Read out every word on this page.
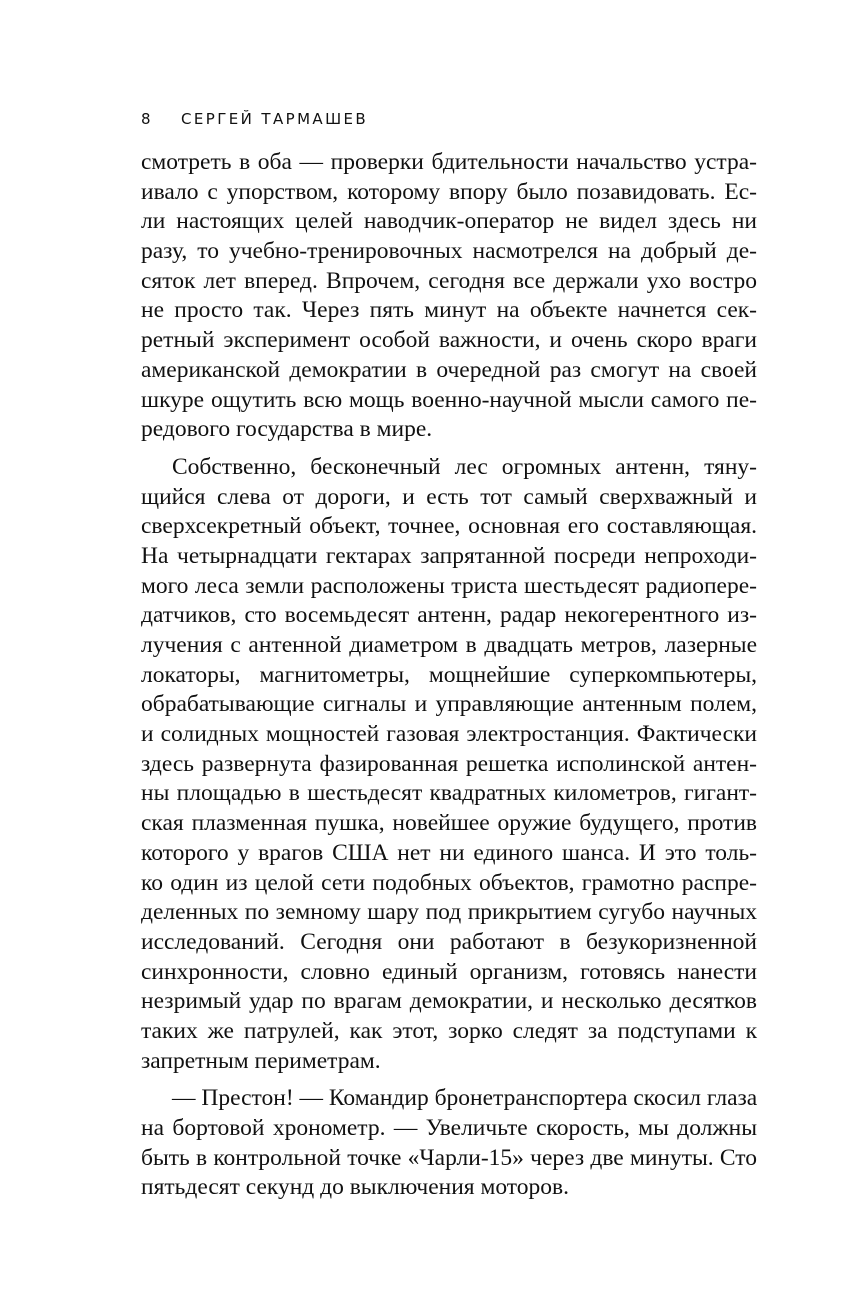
8 СЕРГЕЙ ТАРМАШЕВ
смотреть в оба — проверки бдительности начальство устра-
ивало с упорством, которому впору было позавидовать. Ес-
ли настоящих целей наводчик-оператор не видел здесь ни
разу, то учебно-тренировочных насмотрелся на добрый де-
сяток лет вперед. Впрочем, сегодня все держали ухо востро
не просто так. Через пять минут на объекте начнется сек-
ретный эксперимент особой важности, и очень скоро враги
американской демократии в очередной раз смогут на своей
шкуре ощутить всю мощь военно-научной мысли самого пе-
редового государства в мире.
Собственно, бесконечный лес огромных антенн, тяну-
щийся слева от дороги, и есть тот самый сверхважный и
сверхсекретный объект, точнее, основная его составляющая.
На четырнадцати гектарах запрятанной посреди непроходи-
мого леса земли расположены триста шестьдесят радиопере-
датчиков, сто восемьдесят антенн, радар некогерентного из-
лучения с антенной диаметром в двадцать метров, лазерные
локаторы, магнитометры, мощнейшие суперкомпьютеры,
обрабатывающие сигналы и управляющие антенным полем,
и солидных мощностей газовая электростанция. Фактически
здесь развернута фазированная решетка исполинской антен-
ны площадью в шестьдесят квадратных километров, гигант-
ская плазменная пушка, новейшее оружие будущего, против
которого у врагов США нет ни единого шанса. И это толь-
ко один из целой сети подобных объектов, грамотно распре-
деленных по земному шару под прикрытием сугубо научных
исследований. Сегодня они работают в безукоризненной
синхронности, словно единый организм, готовясь нанести
незримый удар по врагам демократии, и несколько десятков
таких же патрулей, как этот, зорко следят за подступами к
запретным периметрам.
— Престон! — Командир бронетранспортера скосил глаза
на бортовой хронометр. — Увеличьте скорость, мы должны
быть в контрольной точке «Чарли-15» через две минуты. Сто
пятьдесят секунд до выключения моторов.
